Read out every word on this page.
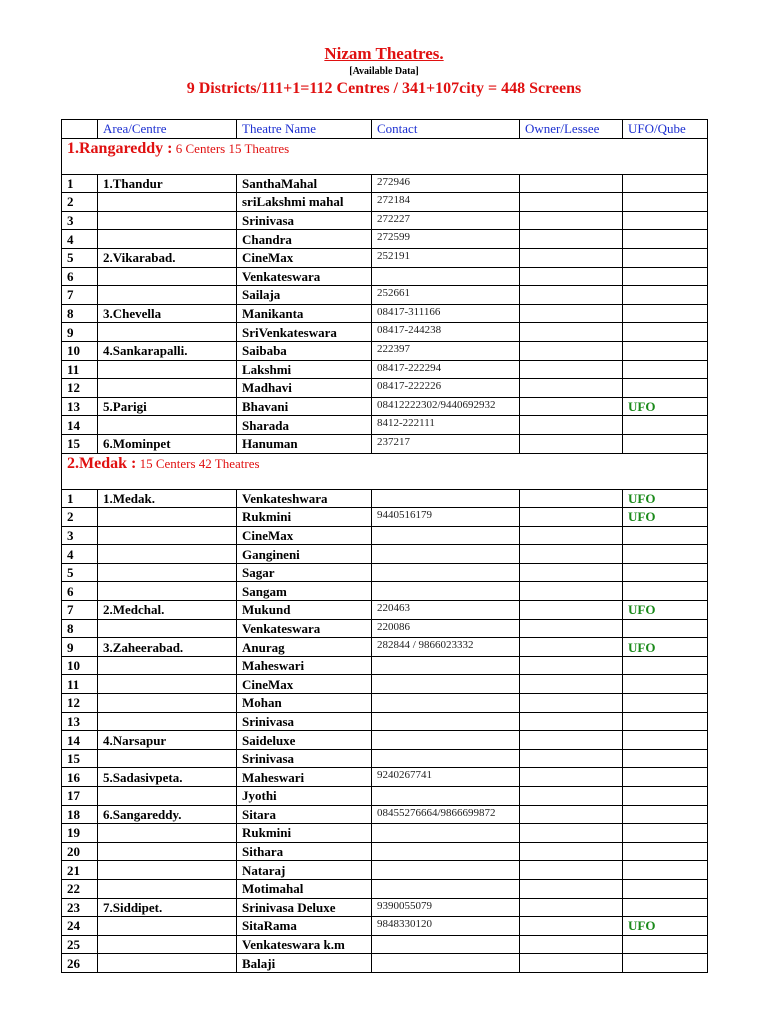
Nizam Theatres.
[Available Data]
9 Districts/111+1=112 Centres / 341+107city = 448 Screens
	Area/Centre	Theatre Name	Contact	Owner/Lessee	UFO/Qube
1.Rangareddy : 6 Centers 15 Theatres					
1	1.Thandur	SanthaMahal	272946		
2		sriLakshmi mahal	272184		
3		Srinivasa	272227		
4		Chandra	272599		
5	2.Vikarabad.	CineMax	252191		
6		Venkateswara			
7		Sailaja	252661		
8	3.Chevella	Manikanta	08417-311166		
9		SriVenkateswara	08417-244238		
10	4.Sankarapalli.	Saibaba	222397		
11		Lakshmi	08417-222294		
12		Madhavi	08417-222226		
13	5.Parigi	Bhavani	08412222302/9440692932		UFO
14		Sharada	8412-222111		
15	6.Mominpet	Hanuman	237217		
2.Medak : 15 Centers 42 Theatres					
1	1.Medak.	Venkateshwara			UFO
2		Rukmini	9440516179		UFO
3		CineMax			
4		Gangineni			
5		Sagar			
6		Sangam			
7	2.Medchal.	Mukund	220463		UFO
8		Venkateswara	220086		
9	3.Zaheerabad.	Anurag	282844 / 9866023332		UFO
10		Maheswari			
11		CineMax			
12		Mohan			
13		Srinivasa			
14	4.Narsapur	Saideluxe			
15		Srinivasa			
16	5.Sadasivpeta.	Maheswari	9240267741		
17		Jyothi			
18	6.Sangareddy.	Sitara	08455276664/9866699872		
19		Rukmini			
20		Sithara			
21		Nataraj			
22		Motimahal			
23	7.Siddipet.	Srinivasa Deluxe	9390055079		
24		SitaRama	9848330120		UFO
25		Venkateswara k.m			
26		Balaji			
